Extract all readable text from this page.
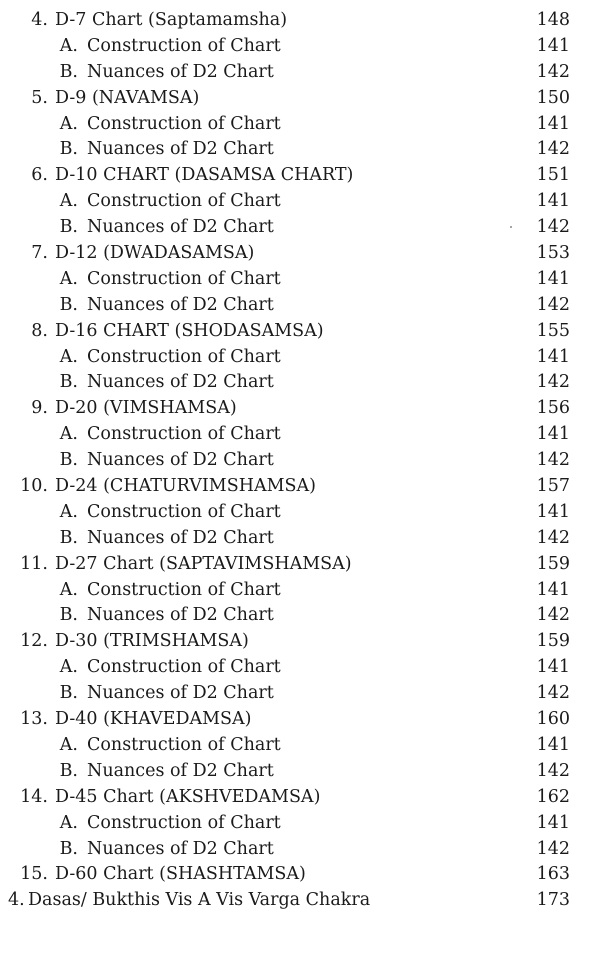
4. D-7 Chart (Saptamamsha)	148
A. Construction of Chart	141
B. Nuances of D2 Chart	142
5. D-9 (NAVAMSA)	150
A. Construction of Chart	141
B. Nuances of D2 Chart	142
6. D-10 CHART (DASAMSA CHART)	151
A. Construction of Chart	141
B. Nuances of D2 Chart	142
7. D-12 (DWADASAMSA)	153
A. Construction of Chart	141
B. Nuances of D2 Chart	142
8. D-16 CHART (SHODASAMSA)	155
A. Construction of Chart	141
B. Nuances of D2 Chart	142
9. D-20 (VIMSHAMSA)	156
A. Construction of Chart	141
B. Nuances of D2 Chart	142
10. D-24 (CHATURVIMSHAMSA)	157
A. Construction of Chart	141
B. Nuances of D2 Chart	142
11. D-27 Chart (SAPTAVIMSHAMSA)	159
A. Construction of Chart	141
B. Nuances of D2 Chart	142
12. D-30 (TRIMSHAMSA)	159
A. Construction of Chart	141
B. Nuances of D2 Chart	142
13. D-40 (KHAVEDAMSA)	160
A. Construction of Chart	141
B. Nuances of D2 Chart	142
14. D-45 Chart (AKSHVEDAMSA)	162
A. Construction of Chart	141
B. Nuances of D2 Chart	142
15. D-60 Chart (SHASHTAMSA)	163
4. Dasas/ Bukthis Vis A Vis Varga Chakra	173
